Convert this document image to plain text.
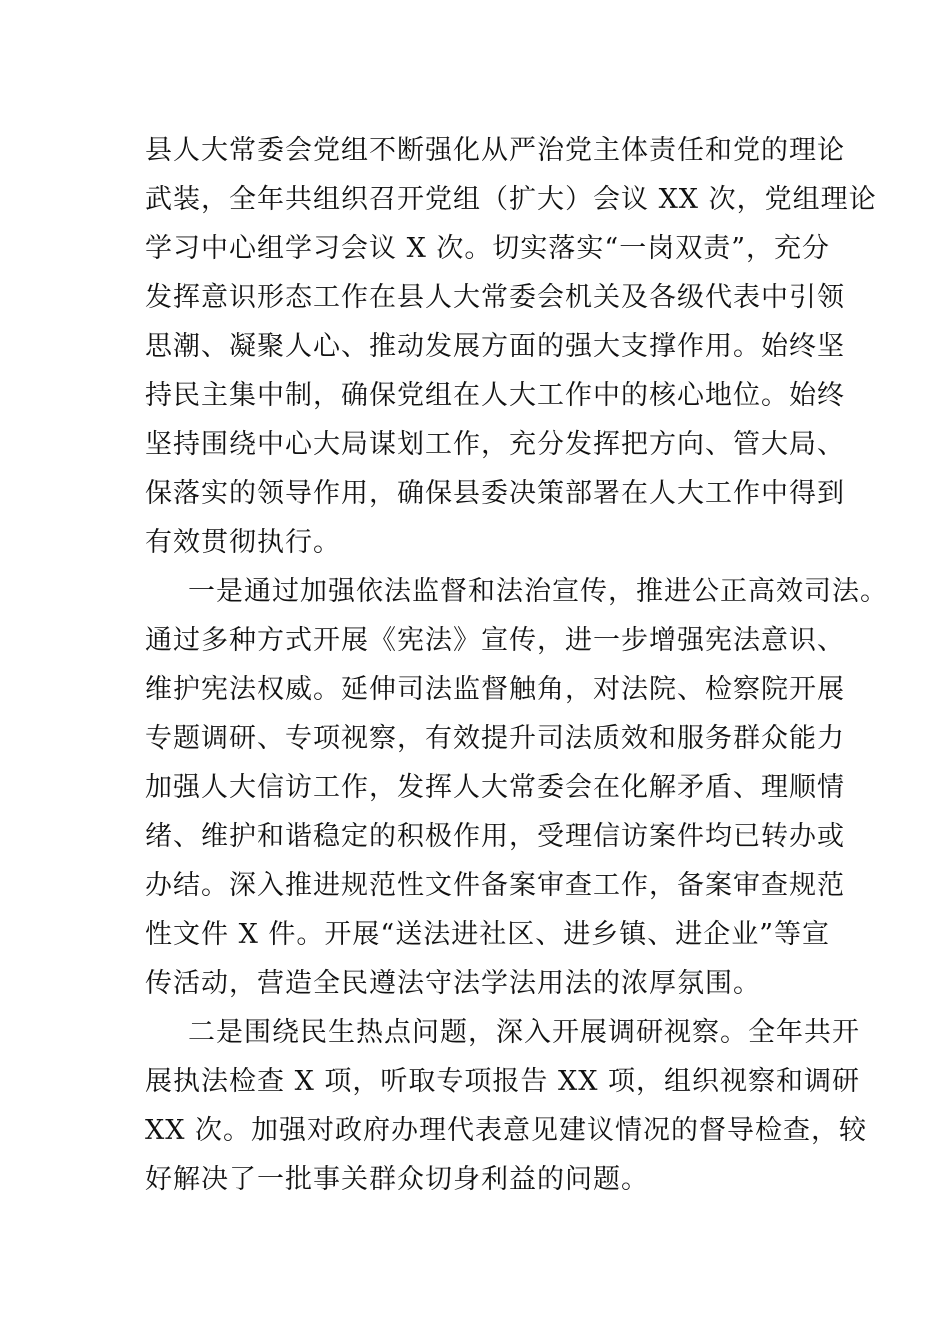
县人大常委会党组不断强化从严治党主体责任和党的理论
武装，全年共组织召开党组（扩大）会议 XX 次，党组理论
学习中心组学习会议 X 次。切实落实“一岗双责”，充分
发挥意识形态工作在县人大常委会机关及各级代表中引领
思潮、凝聚人心、推动发展方面的强大支撑作用。始终坚
持民主集中制，确保党组在人大工作中的核心地位。始终
坚持围绕中心大局谋划工作，充分发挥把方向、管大局、
保落实的领导作用，确保县委决策部署在人大工作中得到
有效贯彻执行。
一是通过加强依法监督和法治宣传，推进公正高效司法。
通过多种方式开展《宪法》宣传，进一步增强宪法意识、
维护宪法权威。延伸司法监督触角，对法院、检察院开展
专题调研、专项视察，有效提升司法质效和服务群众能力
加强人大信访工作，发挥人大常委会在化解矛盾、理顺情
绪、维护和谐稳定的积极作用，受理信访案件均已转办或
办结。深入推进规范性文件备案审查工作，备案审查规范
性文件 X 件。开展“送法进社区、进乡镇、进企业”等宣
传活动，营造全民遵法守法学法用法的浓厚氛围。
二是围绕民生热点问题，深入开展调研视察。全年共开
展执法检查 X 项，听取专项报告 XX 项，组织视察和调研
XX 次。加强对政府办理代表意见建议情况的督导检查，较
好解决了一批事关群众切身利益的问题。
